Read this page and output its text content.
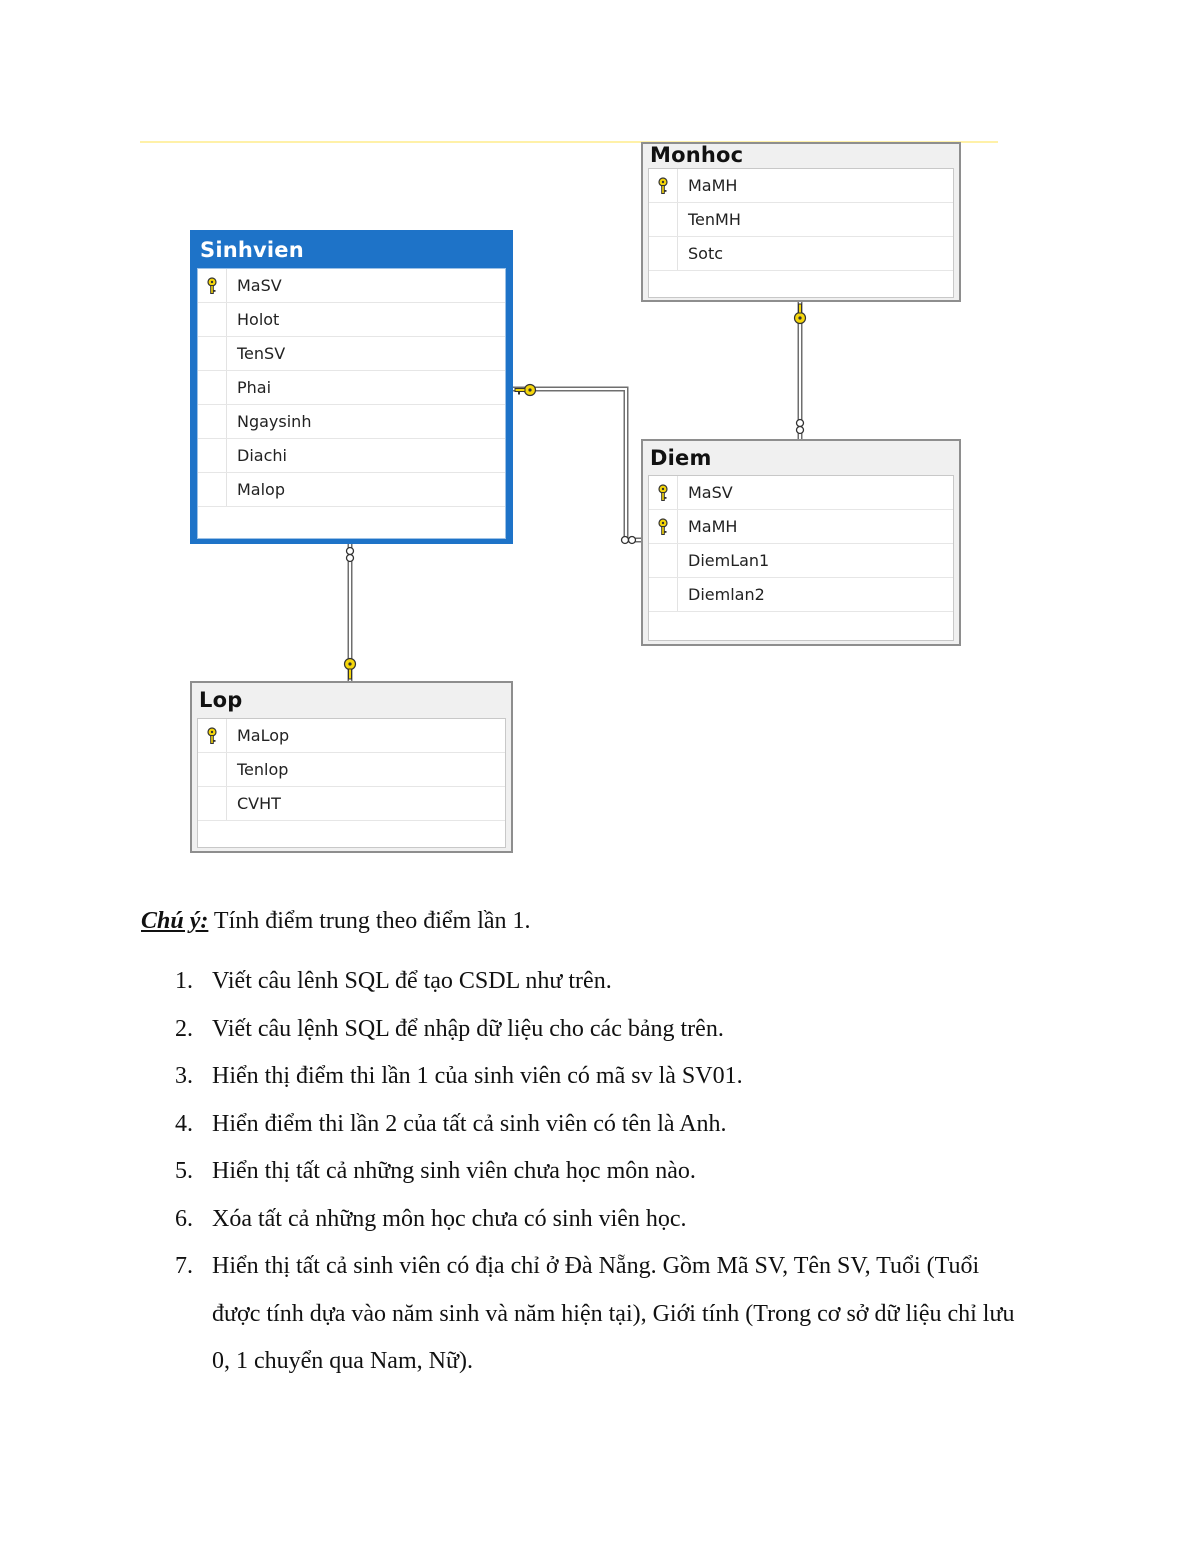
Monhoc
MaMH
TenMH
Sotc
Sinhvien
MaSV
Holot
TenSV
Phai
Ngaysinh
Diachi
Malop
Diem
MaSV
MaMH
DiemLan1
Diemlan2
Lop
MaLop
Tenlop
CVHT
Chú ý: Tính điểm trung theo điểm lần 1.
1. Viết câu lênh SQL để tạo CSDL như trên.
2. Viết câu lệnh SQL để nhập dữ liệu cho các bảng trên.
3. Hiển thị điểm thi lần 1 của sinh viên có mã sv là SV01.
4. Hiển điểm thi lần 2 của tất cả sinh viên có tên là Anh.
5. Hiển thị tất cả những sinh viên chưa học môn nào.
6. Xóa tất cả những môn học chưa có sinh viên học.
7. Hiển thị tất cả sinh viên có địa chỉ ở Đà Nẵng. Gồm Mã SV, Tên SV, Tuổi (Tuổi được tính dựa vào năm sinh và năm hiện tại), Giới tính (Trong cơ sở dữ liệu chỉ lưu 0, 1 chuyển qua Nam, Nữ).
